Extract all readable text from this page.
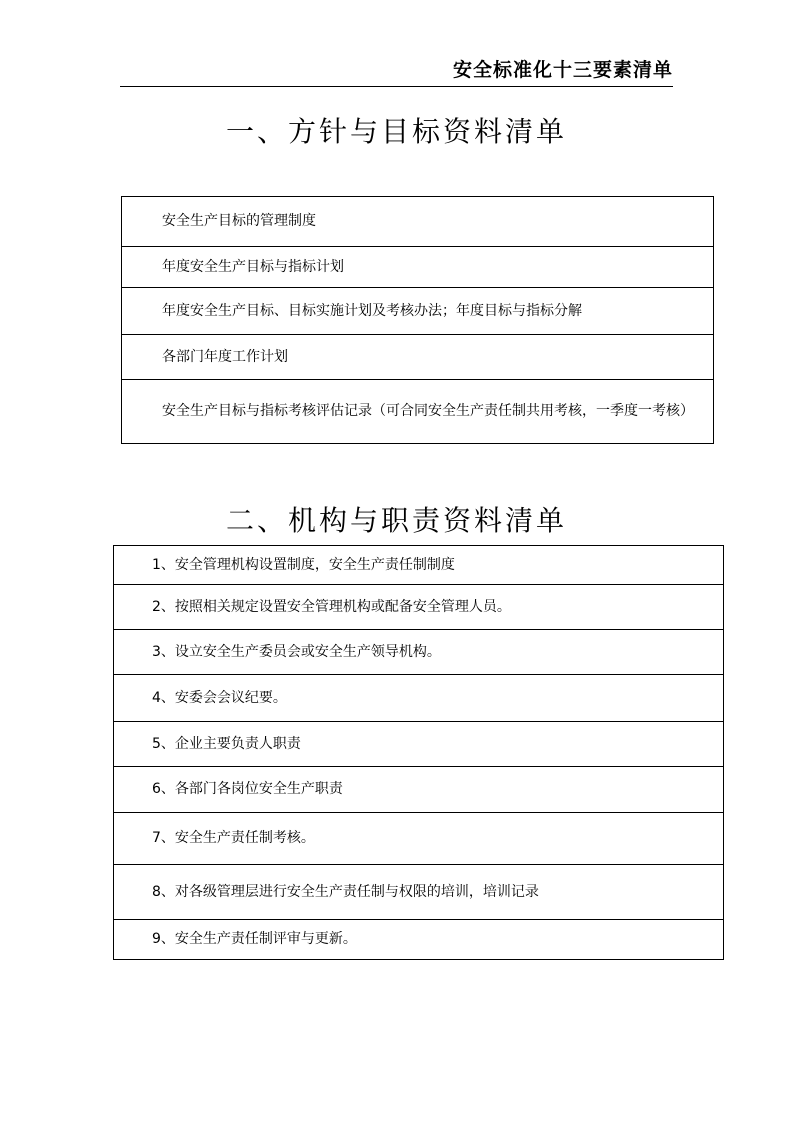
安全标准化十三要素清单
一、方针与目标资料清单
安全生产目标的管理制度
年度安全生产目标与指标计划
年度安全生产目标、目标实施计划及考核办法；年度目标与指标分解
各部门年度工作计划
安全生产目标与指标考核评估记录（可合同安全生产责任制共用考核，一季度一考核）
二、机构与职责资料清单
1、安全管理机构设置制度，安全生产责任制制度
2、按照相关规定设置安全管理机构或配备安全管理人员。
3、设立安全生产委员会或安全生产领导机构。
4、安委会会议纪要。
5、企业主要负责人职责
6、各部门各岗位安全生产职责
7、安全生产责任制考核。
8、对各级管理层进行安全生产责任制与权限的培训，培训记录
9、安全生产责任制评审与更新。
